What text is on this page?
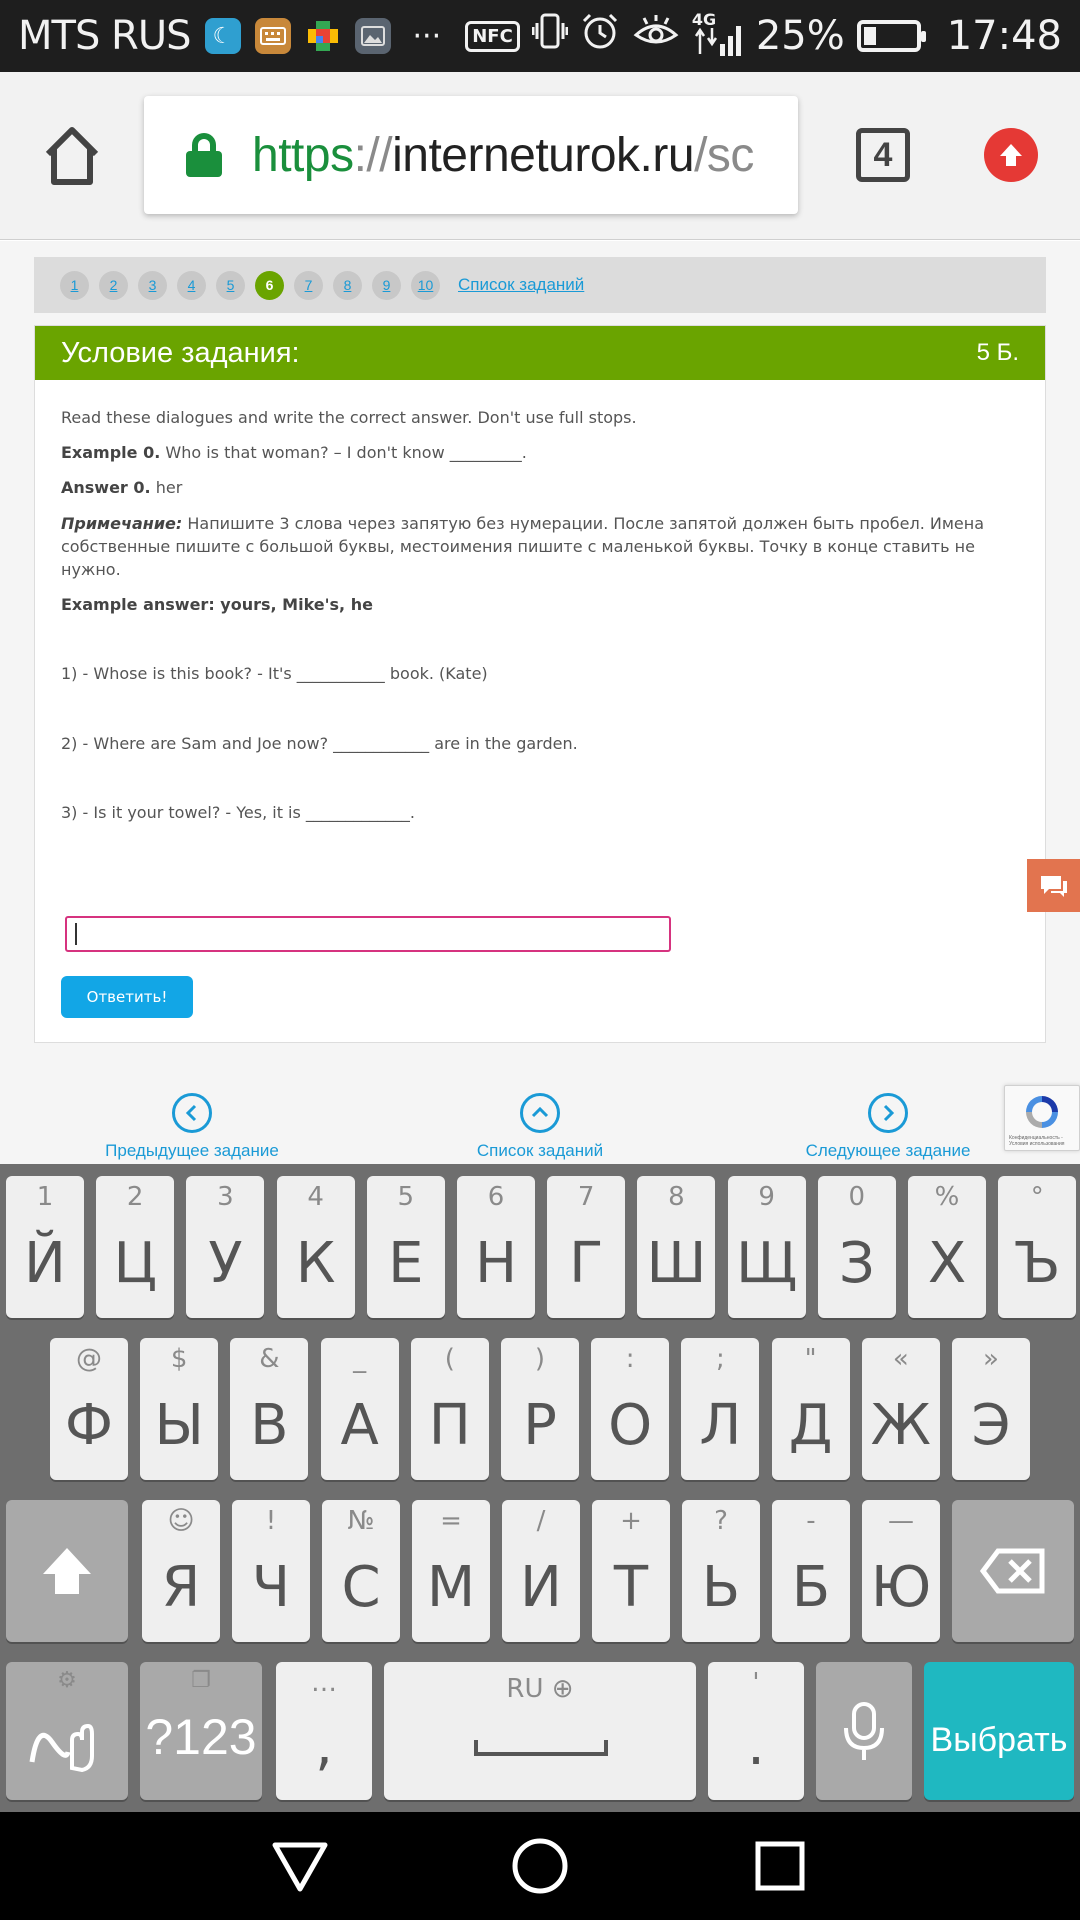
MTS RUS	☾	···	NFC
4G 25%	17:48
https://interneturok.ru/sc	4
1	2	3	4	5	6	7	8	9	10	Список заданий
Условие задания:	5 Б.

Read these dialogues and write the correct answer. Don't use full stops.

Example 0. Who is that woman? – I don't know _________.

Answer 0. her

Примечание: Напишите 3 слова через запятую без нумерации. После запятой должен быть пробел. Имена собственные пишите с большой буквы, местоимения пишите с маленькой буквы. Точку в конце ставить не нужно.

Example answer: yours, Mike's, he

1) - Whose is this book? - It's ___________ book. (Kate)

2) - Where are Sam and Joe now? ____________ are in the garden.

3) - Is it your towel? - Yes, it is _____________.

Ответить!
Конфиденциальность - Условия использования
Предыдущее задание	Список заданий	Следующее задание
⚙	❐
?123
…
,
RU ⊕	'
.	Выбрать
1
Й
2
Ц
3
У
4
К
5
Е
6
Н
7
Г
8
Ш
9
Щ
0
З
%
Х
°
Ъ
@
Ф
$
Ы
&
В
_
А
(
П
)
Р
:
О
;
Л
"
Д
«
Ж
»
Э
☺
Я
!
Ч
№
С
=
М
/
И
+
Т
?
Ь
-
Б
—
Ю
